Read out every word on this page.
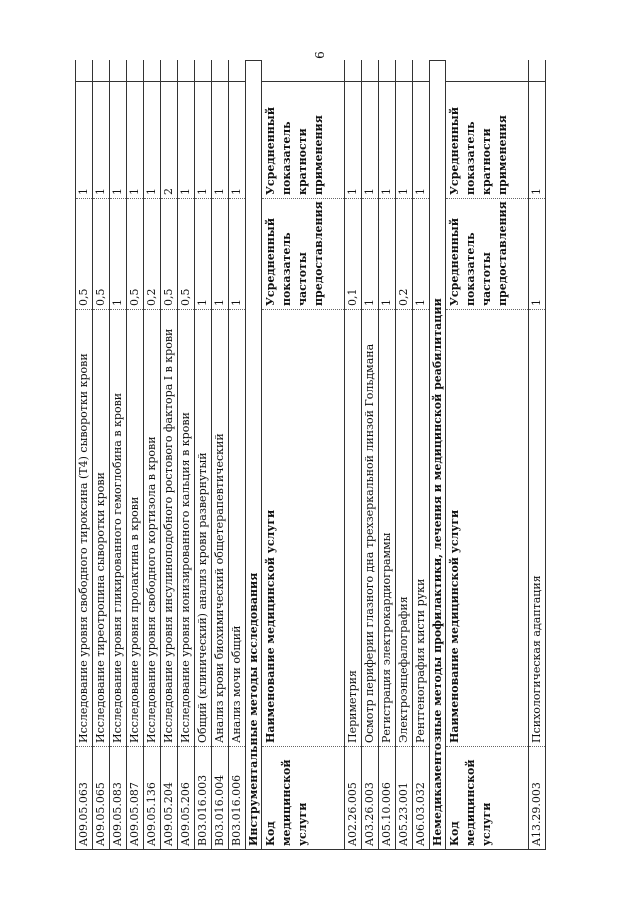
6
A09.05.063
Исследование уровня свободного тироксина (Т4) сыворотки крови
0,5
1
A09.05.065
Исследование тиреотропина сыворотки крови
0,5
1
A09.05.083
Исследование уровня гликированного гемоглобина в крови
1
1
A09.05.087
Исследование уровня пролактина в крови
0,5
1
A09.05.136
Исследование уровня свободного кортизола в крови
0,2
1
A09.05.204
Исследование уровня инсулиноподобного ростового фактора I в крови
0,5
2
A09.05.206
Исследование уровня ионизированного кальция в крови
0,5
1
B03.016.003
Общий (клинический) анализ крови развернутый
1
1
B03.016.004
Анализ крови биохимический общетерапевтический
1
1
B03.016.006
Анализ мочи общий
1
1
Инструментальные методы исследования Код медицинской услуги
Наименование медицинской услуги
Усредненный показатель частоты предоставления
Усредненный показатель кратности применения
A02.26.005
Периметрия
0,1
1
A03.26.003
Осмотр периферии глазного дна трехзеркальной линзой Гольдмана
1
1
A05.10.006
Регистрация электрокардиограммы
1
1
A05.23.001
Электроэнцефалография
0,2
1
A06.03.032
Рентгенография кисти руки
1
1
Немедикаментозные методы профилактики, лечения и медицинской реабилитации Код медицинской услуги
Наименование медицинской услуги
Усредненный показатель частоты предоставления
Усредненный показатель кратности применения
A13.29.003
Психологическая адаптация
1
1
